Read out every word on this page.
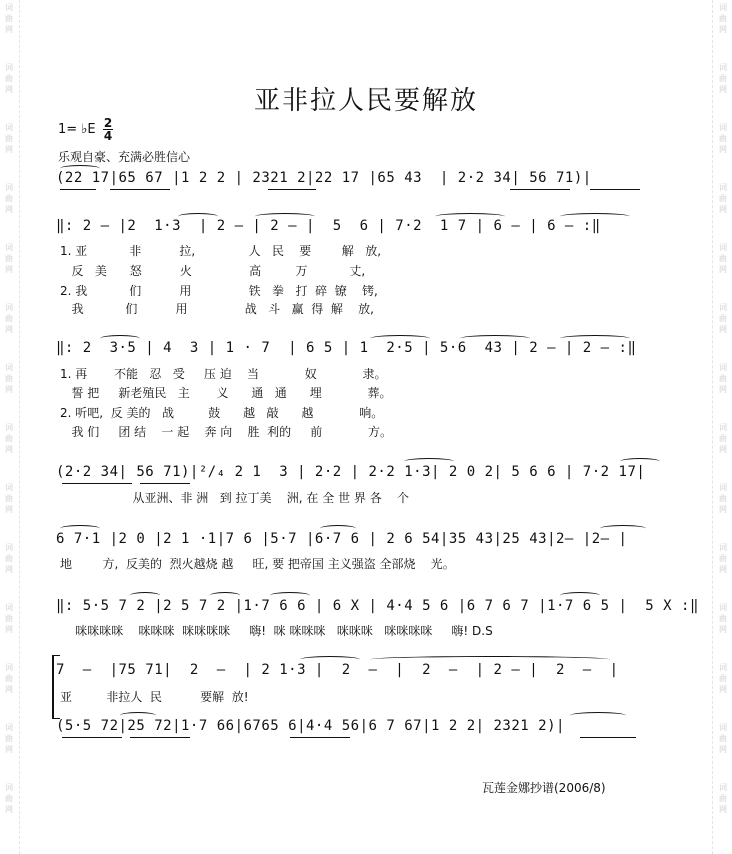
词曲网
词曲网
词曲网
词曲网
词曲网
词曲网
词曲网
词曲网
词曲网
词曲网
词曲网
词曲网
词曲网
词曲网
词曲网
词曲网
词曲网
词曲网
词曲网
词曲网
词曲网
词曲网
词曲网
词曲网
词曲网
词曲网
词曲网
词曲网
亚非拉人民要解放
1= ♭E 2
4
乐观自豪、充满必胜信心
(22 17|65 67 |1 2 2 | 2321 2|22 17 |65 43  | 2·2 34| 56 71)|
‖: 2 – |2  1·3  | 2 – | 2 – |  5  6 | 7·2  1 7 | 6 – | 6 – :‖
1. 亚           非          拉,              人   民    要        解   放,
反   美      怒          火               高         万           丈,
2. 我           们          用               铁   拳   打  碎  镣    铐,
我           们          用               战   斗   赢  得  解    放,
‖: 2  3·5 | 4  3 | 1 · 7  | 6 5 | 1  2·5 | 5·6  43 | 2 – | 2 – :‖
1. 再       不能   忍   受     压 迫    当            奴            隶。
誓 把     新老殖民   主       义      通   通      埋            葬。
2. 听吧,  反 美的   战         鼓      越   敲      越            响。
我 们     团 结    一 起    奔 向    胜  利的     前            方。
(2·2 34| 56 71)|²/₄ 2 1  3 | 2·2 | 2·2 1·3| 2 0 2| 5 6 6 | 7·2 17|
从亚洲、非 洲   到 拉丁美    洲, 在 全 世 界 各    个
6 7·1 |2 0 |2 1 ·1|7 6 |5·7 |6·7 6 | 2 6 54|35 43|25 43|2– |2– |
地        方,  反美的  烈火越烧 越     旺, 要 把帝国 主义强盗 全部烧    光。
‖: 5·5 7 2 |2 5 7 2 |1·7 6 6 | 6 X | 4·4 5 6 |6 7 6 7 |1·7 6 5 |  5 X :‖
咪咪咪咪    咪咪咪  咪咪咪咪     嗨!  咪 咪咪咪   咪咪咪   咪咪咪咪     嗨! D.S
7  –  |75 71|  2  –  | 2 1·3 |  2  –  |  2  –  | 2 – |  2  –  |
亚         非拉人  民          要解  放!
(5·5 72|25 72|1·7 66|6765 6|4·4 56|6 7 67|1 2 2| 2321 2)|
瓦莲金娜抄谱(2006/8)
